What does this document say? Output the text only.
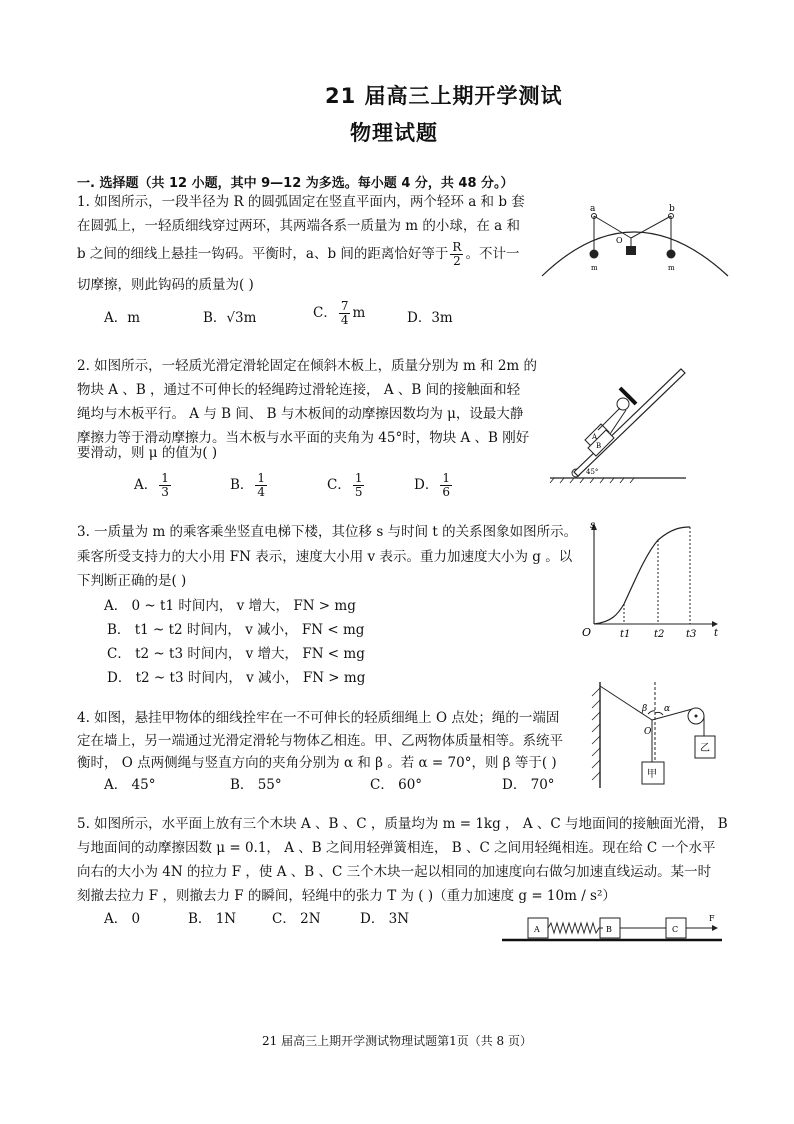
21 届高三上期开学测试
物理试题
一. 选择题（共 12 小题，其中 9—12 为多选。每小题 4 分，共 48 分。）
1. 如图所示，一段半径为 R 的圆弧固定在竖直平面内，两个轻环 a 和 b 套
在圆弧上，一轻质细线穿过两环，其两端各系一质量为 m 的小球，在 a 和
b 之间的细线上悬挂一钩码。平衡时，a、b 间的距离恰好等于 $\frac{R}{2}$ 。不计一
切摩擦，则此钩码的质量为( )
A．m	B．√3m	C． $\frac{7}{4}$ m	D．3m
a	b
m	m
O
2. 如图所示，一轻质光滑定滑轮固定在倾斜木板上，质量分别为 m 和 2m 的
物块 A 、B ，通过不可伸长的轻绳跨过滑轮连接， A 、B 间的接触面和轻
绳均与木板平行。 A 与 B 间、 B 与木板间的动摩擦因数均为 μ，设最大静
摩擦力等于滑动摩擦力。当木板与水平面的夹角为 45°时，物块 A 、B 刚好
要滑动，则 μ 的值为( )
A． $\frac{1}{3}$	B． $\frac{1}{4}$	C． $\frac{1}{5}$	D． $\frac{1}{6}$
A
B
45°
3. 一质量为 m 的乘客乘坐竖直电梯下楼，其位移 s 与时间 t 的关系图象如图所示。
乘客所受支持力的大小用 FN 表示，速度大小用 v 表示。重力加速度大小为 g 。以
下判断正确的是( )
A． 0 ~ t1 时间内， v 增大， FN > mg
B． t1 ~ t2 时间内， v 减小， FN < mg
C． t2 ~ t3 时间内， v 增大， FN < mg
D． t2 ~ t3 时间内， v 减小， FN > mg
O
s
t
t1 t2 t3
4. 如图，悬挂甲物体的细线拴牢在一不可伸长的轻质细绳上 O 点处；绳的一端固
定在墙上，另一端通过光滑定滑轮与物体乙相连。甲、乙两物体质量相等。系统平
衡时， O 点两侧绳与竖直方向的夹角分别为 α 和 β 。若 α = 70°，则 β 等于( )
A． 45°	B． 55°	C． 60°	D． 70°
β α
O
甲
乙
5. 如图所示，水平面上放有三个木块 A 、B 、C ，质量均为 m = 1kg ， A 、C 与地面间的接触面光滑， B
与地面间的动摩擦因数 μ = 0.1， A 、B 之间用轻弹簧相连， B 、C 之间用轻绳相连。现在给 C 一个水平
向右的大小为 4N 的拉力 F ，使 A 、B 、C 三个木块一起以相同的加速度向右做匀加速直线运动。某一时
刻撤去拉力 F ，则撤去力 F 的瞬间，轻绳中的张力 T 为 ( )（重力加速度 g = 10m / s²）
A． 0	B． 1N	C． 2N	D． 3N
A	B	C
F
21 届高三上期开学测试物理试题第1页（共 8 页）
